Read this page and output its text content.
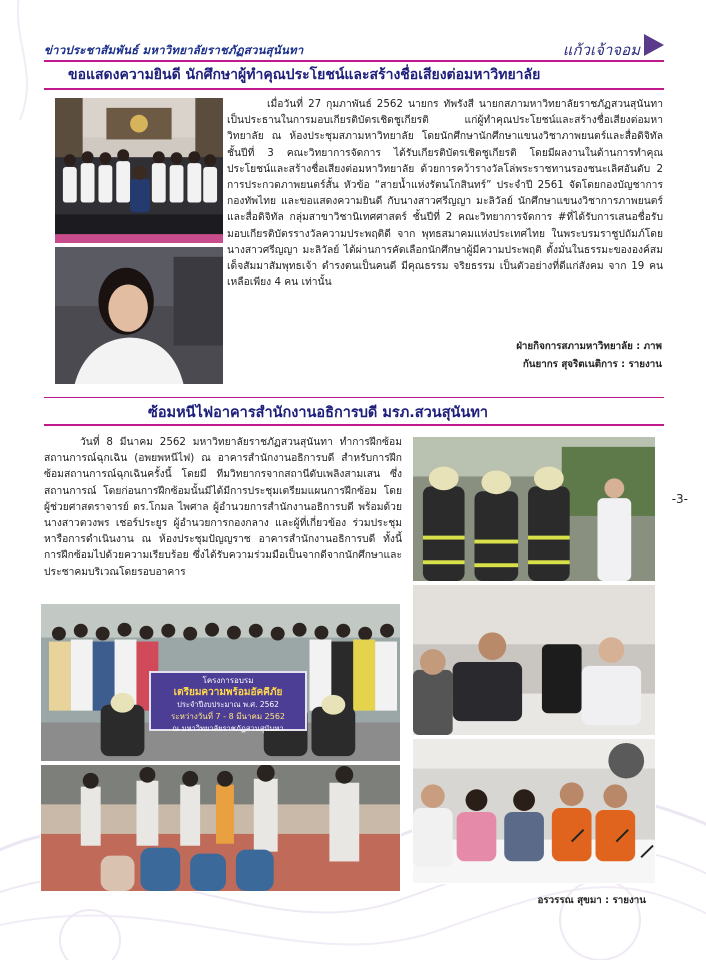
ข่าวประชาสัมพันธ์ มหาวิทยาลัยราชภัฏสวนสุนันทา	แก้วเจ้าจอม
ขอแสดงความยินดี นักศึกษาผู้ทำคุณประโยชน์และสร้างชื่อเสียงต่อมหาวิทยาลัย

เมื่อวันที่ 27 กุมภาพันธ์ 2562 นายกร ทัพรังสี นายกสภามหาวิทยาลัยราชภัฏสวนสุนันทา เป็นประธานในการมอบเกียรติบัตรเชิดชูเกียรติ แก่ผู้ทำคุณประโยชน์และสร้างชื่อเสียงต่อมหาวิทยาลัย ณ ห้องประชุมสภามหาวิทยาลัย โดยนักศึกษานักศึกษาแขนงวิชาภาพยนตร์และสื่อดิจิทัล ชั้นปีที่ 3 คณะวิทยาการจัดการ ได้รับเกียรติบัตรเชิดชูเกียรติ โดยมีผลงานในด้านการทำคุณประโยชน์และสร้างชื่อเสียงต่อมหาวิทยาลัย ด้วยการคว้ารางวัลโล่พระราชทานรองชนะเลิศอันดับ 2 การประกวดภาพยนตร์สั้น หัวข้อ “สายน้ำแห่งรัตนโกสินทร์” ประจำปี 2561 จัดโดยกองบัญชาการกองทัพไทย และขอแสดงความยินดี กับนางสาวศรีญญา มะลิวัลย์ นักศึกษาแขนงวิชาการภาพยนตร์และสื่อดิจิทัล กลุ่มสาขาวิชานิเทศศาสตร์ ชั้นปีที่ 2 คณะวิทยาการจัดการ #ที่ได้รับการเสนอชื่อรับมอบเกียรติบัตรรางวัลความประพฤติดี จาก พุทธสมาคมแห่งประเทศไทย ในพระบรมราชูปถัมภ์โดย นางสาวศรีญญา มะลิวัลย์ ได้ผ่านการคัดเลือกนักศึกษาผู้มีความประพฤติ ตั้งมั่นในธรรมะขององค์สมเด็จสัมมาสัมพุทธเจ้า ดำรงตนเป็นคนดี มีคุณธรรม จริยธรรม เป็นตัวอย่างที่ดีแก่สังคม จาก 19 คน เหลือเพียง 4 คน เท่านั้น

ฝ่ายกิจการสภามหาวิทยาลัย : ภาพ
กันยากร สุจริตเนติการ : รายงาน
ซ้อมหนีไฟอาคารสำนักงานอธิการบดี มรภ.สวนสุนันทา

วันที่ 8 มีนาคม 2562 มหาวิทยาลัยราชภัฏสวนสุนันทา ทำการฝึกซ้อมสถานการณ์ฉุกเฉิน (อพยพหนีไฟ) ณ อาคารสำนักงานอธิการบดี สำหรับการฝึกซ้อมสถานการณ์ฉุกเฉินครั้งนี้ โดยมี ทีมวิทยากรจากสถานีดับเพลิงสามเสน ซึ่งสถานการณ์ โดยก่อนการฝึกซ้อมนั้นมีได้มีการประชุมเตรียมแผนการฝึกซ้อม โดย ผู้ช่วยศาสตราจารย์ ดร.โกมล ไพศาล ผู้อำนวยการสำนักงานอธิการบดี พร้อมด้วย นางสาวตวงพร เชอร์ประยูร ผู้อำนวยการกองกลาง และผู้ที่เกี่ยวข้อง ร่วมประชุมหารือการดำเนินงาน ณ ห้องประชุมปัญญราช อาคารสำนักงานอธิการบดี ทั้งนี้ การฝึกซ้อมไปด้วยความเรียบร้อย ซึ่งได้รับความร่วมมือเป็นจากดีจากนักศึกษาและประชาคมบริเวณโดยรอบอาคาร

โครงการอบรม
เตรียมความพร้อมอัคคีภัย
ประจำปีงบประมาณ พ.ศ. 2562
ระหว่างวันที่ 7 - 8 มีนาคม 2562
ณ มหาวิทยาลัยราชภัฏสวนสุนันทา
อรวรรณ สุขมา : รายงาน
-3-
